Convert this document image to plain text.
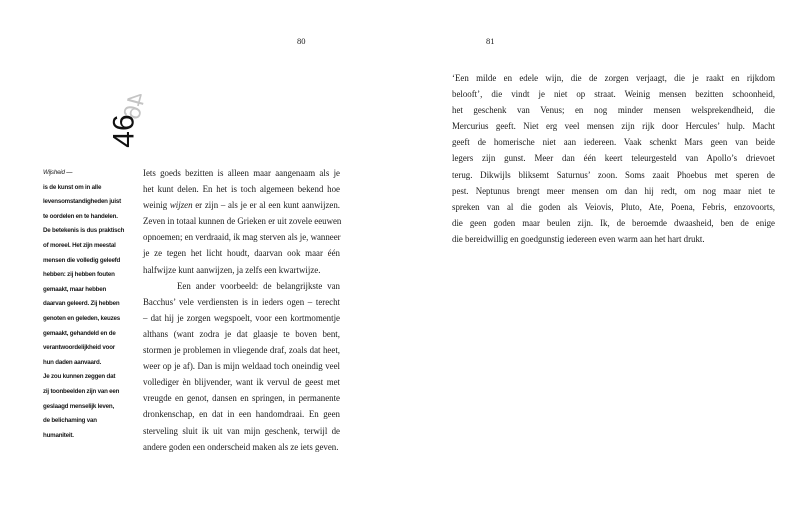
80	81
46
46
Wijsheid —
is de kunst om in alle
levensomstandigheden juist
te oordelen en te handelen.
De betekenis is dus praktisch
of moreel. Het zijn meestal
mensen die volledig geleefd
hebben: zij hebben fouten
gemaakt, maar hebben
daarvan geleerd. Zij hebben
genoten en geleden, keuzes
gemaakt, gehandeld en de
verantwoordelijkheid voor
hun daden aanvaard.
Je zou kunnen zeggen dat
zij toonbeelden zijn van een
geslaagd menselijk leven,
de belichaming van
humaniteit.
Iets goeds bezitten is alleen maar aangenaam als je
het kunt delen. En het is toch algemeen bekend hoe
weinig wijzen er zijn – als je er al een kunt aanwijzen.
Zeven in totaal kunnen de Grieken er uit zovele eeuwen
opnoemen; en verdraaid, ik mag sterven als je, wanneer
je ze tegen het licht houdt, daarvan ook maar één
halfwijze kunt aanwijzen, ja zelfs een kwartwijze.
Een ander voorbeeld: de belangrijkste van
Bacchus’ vele verdiensten is in ieders ogen – terecht
– dat hij je zorgen wegspoelt, voor een kortmomentje
althans (want zodra je dat glaasje te boven bent,
stormen je problemen in vliegende draf, zoals dat heet,
weer op je af). Dan is mijn weldaad toch oneindig veel
vollediger èn blijvender, want ik vervul de geest met
vreugde en genot, dansen en springen, in permanente
dronkenschap, en dat in een handomdraai. En geen
sterveling sluit ik uit van mijn geschenk, terwijl de
andere goden een onderscheid maken als ze iets geven.
‘Een milde en edele wijn, die de zorgen verjaagt, die je raakt en rijkdom
belooft’, die vindt je niet op straat. Weinig mensen bezitten schoonheid,
het geschenk van Venus; en nog minder mensen welsprekendheid, die
Mercurius geeft. Niet erg veel mensen zijn rijk door Hercules’ hulp. Macht
geeft de homerische niet aan iedereen. Vaak schenkt Mars geen van beide
legers zijn gunst. Meer dan één keert teleurgesteld van Apollo’s drievoet
terug. Dikwijls bliksemt Saturnus’ zoon. Soms zaait Phoebus met speren de
pest. Neptunus brengt meer mensen om dan hij redt, om nog maar niet te
spreken van al die goden als Veiovis, Pluto, Ate, Poena, Febris, enzovoorts,
die geen goden maar beulen zijn. Ik, de beroemde dwaasheid, ben de enige
die bereidwillig en goedgunstig iedereen even warm aan het hart drukt.
